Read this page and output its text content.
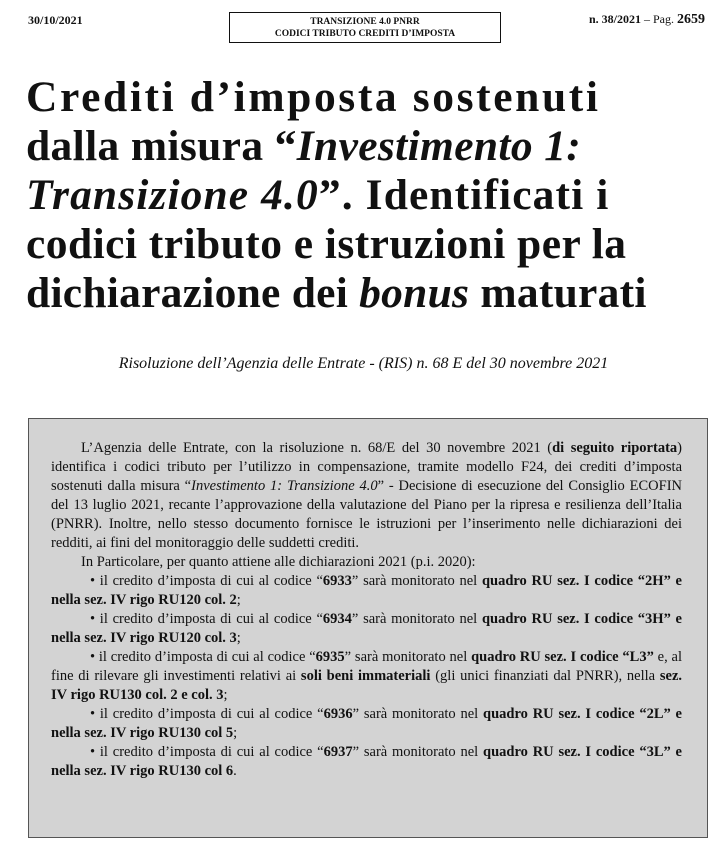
30/10/2021	TRANSIZIONE 4.0 PNRR
CODICI TRIBUTO CREDITI D’IMPOSTA
n. 38/2021 – Pag. 2659
Crediti d’imposta sostenuti
dalla misura “Investimento 1:
Transizione 4.0”. Identificati i
codici tributo e istruzioni per la
dichiarazione dei bonus maturati
Risoluzione dell’Agenzia delle Entrate - (RIS) n. 68 E del 30 novembre 2021

L’Agenzia delle Entrate, con la risoluzione n. 68/E del 30 novembre 2021 (di seguito riportata) identifica i codici tributo per l’utilizzo in compensazione, tramite modello F24, dei crediti d’imposta sostenuti dalla misura “Investimento 1: Transizione 4.0” - Decisione di esecuzione del Consiglio ECOFIN del 13 luglio 2021, recante l’approvazione della valutazione del Piano per la ripresa e resilienza dell’Italia (PNRR). Inoltre, nello stesso documento fornisce le istruzioni per l’inserimento nelle dichiarazioni dei redditi, ai fini del monitoraggio delle suddetti crediti.

In Particolare, per quanto attiene alle dichiarazioni 2021 (p.i. 2020):

• il credito d’imposta di cui al codice “6933” sarà monitorato nel quadro RU sez. I codice “2H” e nella sez. IV rigo RU120 col. 2;

• il credito d’imposta di cui al codice “6934” sarà monitorato nel quadro RU sez. I codice “3H” e nella sez. IV rigo RU120 col. 3;

• il credito d’imposta di cui al codice “6935” sarà monitorato nel quadro RU sez. I codice “L3” e, al fine di rilevare gli investimenti relativi ai soli beni immateriali (gli unici finanziati dal PNRR), nella sez. IV rigo RU130 col. 2 e col. 3;

• il credito d’imposta di cui al codice “6936” sarà monitorato nel quadro RU sez. I codice “2L” e nella sez. IV rigo RU130 col 5;

• il credito d’imposta di cui al codice “6937” sarà monitorato nel quadro RU sez. I codice “3L” e nella sez. IV rigo RU130 col 6.
